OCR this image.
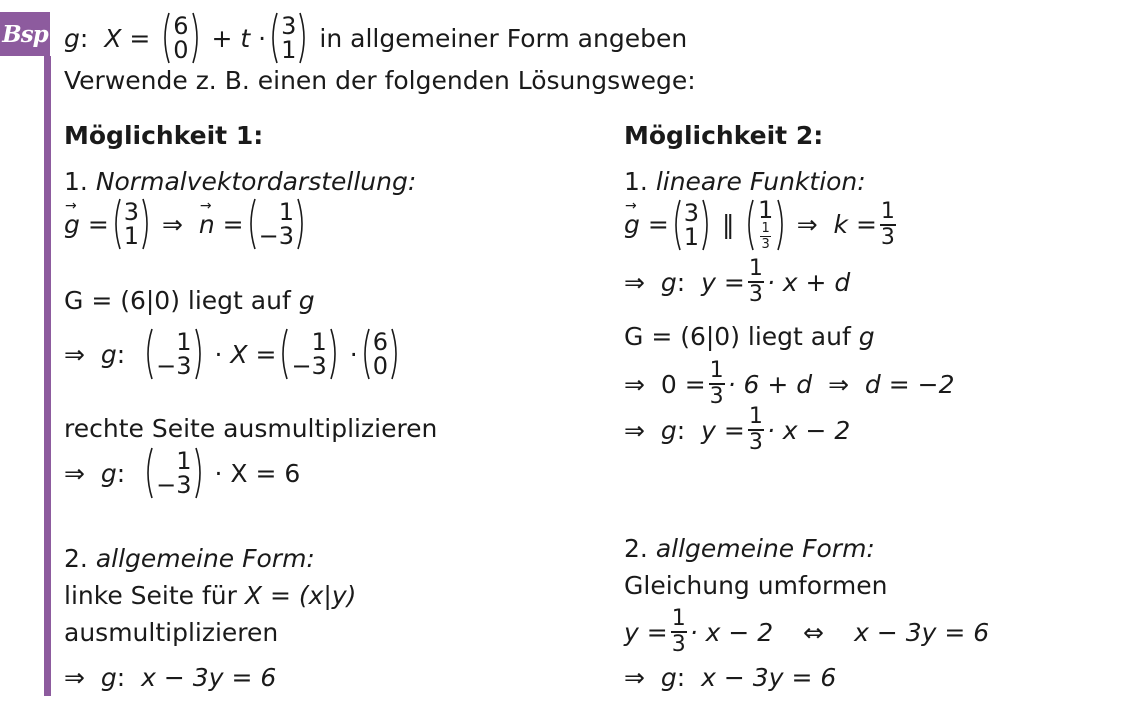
Bsp g : X = 6
0 + t · 3
1 in allgemeiner Form angeben
Verwende z. B. einen der folgenden Lösungswege:
Möglichkeit 1:
1.
Normalvektordarstellung:
→ g = 3
1 ⇒
→ n = 1
−3
G = (6|0) liegt auf
g
⇒ g : 1
−3 · X = 1
−3 · 6
0
rechte Seite ausmultiplizieren
⇒ g : 1
−3
· X = 6
2.
allgemeine Form:
linke Seite für X = (x|y)
ausmultiplizieren
⇒ g : x − 3y = 6
Möglichkeit 2:
1.
lineare Funktion:
→ g = 3
1 ‖ 1
$\frac{1}{3}$ ⇒ $k = \frac{1}{3}$
⇒ g : $y = \frac{1}{3} \cdot x + d$
G = (6|0) liegt auf
g
⇒ $0 = \frac{1}{3} \cdot 6 + d$ ⇒ d = −2
⇒ g : $y = \frac{1}{3} \cdot x - 2$
2.
allgemeine Form:
Gleichung umformen
$y = \frac{1}{3} \cdot x - 2$ ⇔ x − 3y = 6
⇒ g : x − 3y = 6
